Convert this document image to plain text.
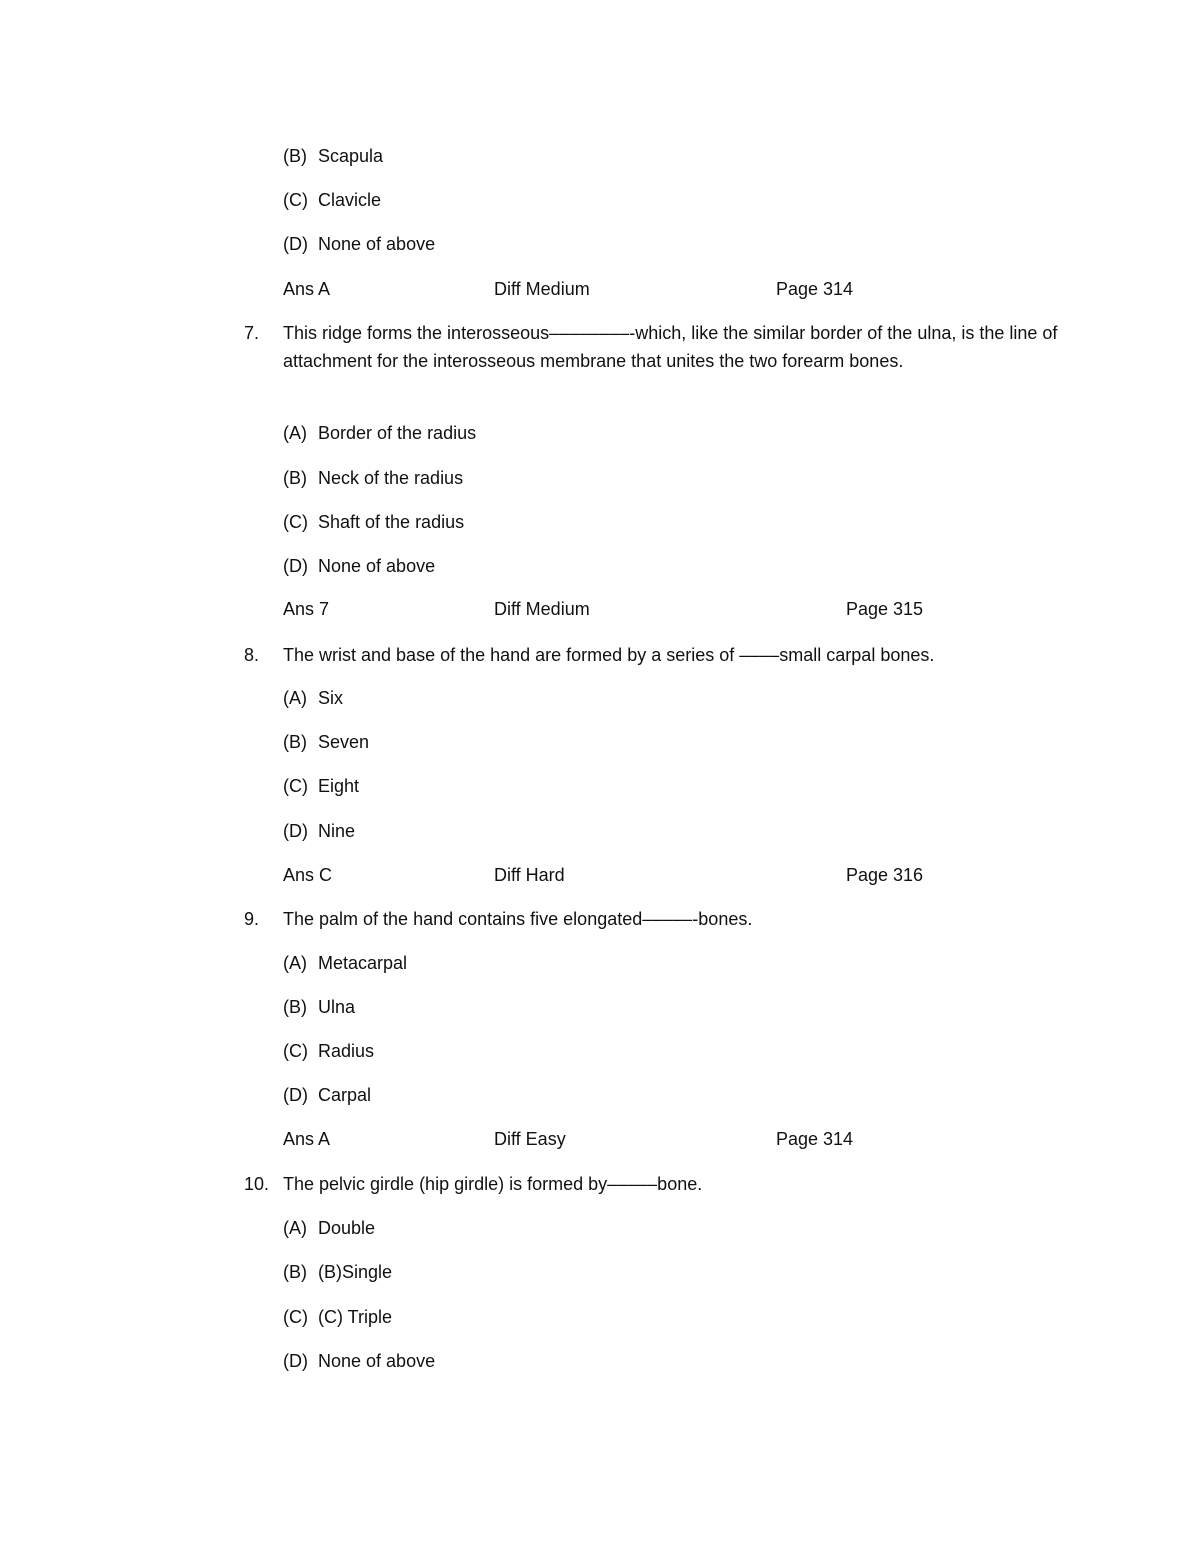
(B) Scapula
(C) Clavicle
(D) None of above
Ans A	Diff Medium	Page 314
7. This ridge forms the interosseous––––––––-which, like the similar border of the ulna, is the line of attachment for the interosseous membrane that unites the two forearm bones.
(A) Border of the radius
(B) Neck of the radius
(C) Shaft of the radius
(D) None of above
Ans 7	Diff Medium	Page 315
8. The wrist and base of the hand are formed by a series of ––––small carpal bones.
(A) Six
(B) Seven
(C) Eight
(D) Nine
Ans C	Diff Hard	Page 316
9. The palm of the hand contains five elongated–––––-bones.
(A) Metacarpal
(B) Ulna
(C) Radius
(D) Carpal
Ans A	Diff Easy	Page 314
10. The pelvic girdle (hip girdle) is formed by–––––bone.
(A) Double
(B) (B)Single
(C) (C) Triple
(D) None of above
